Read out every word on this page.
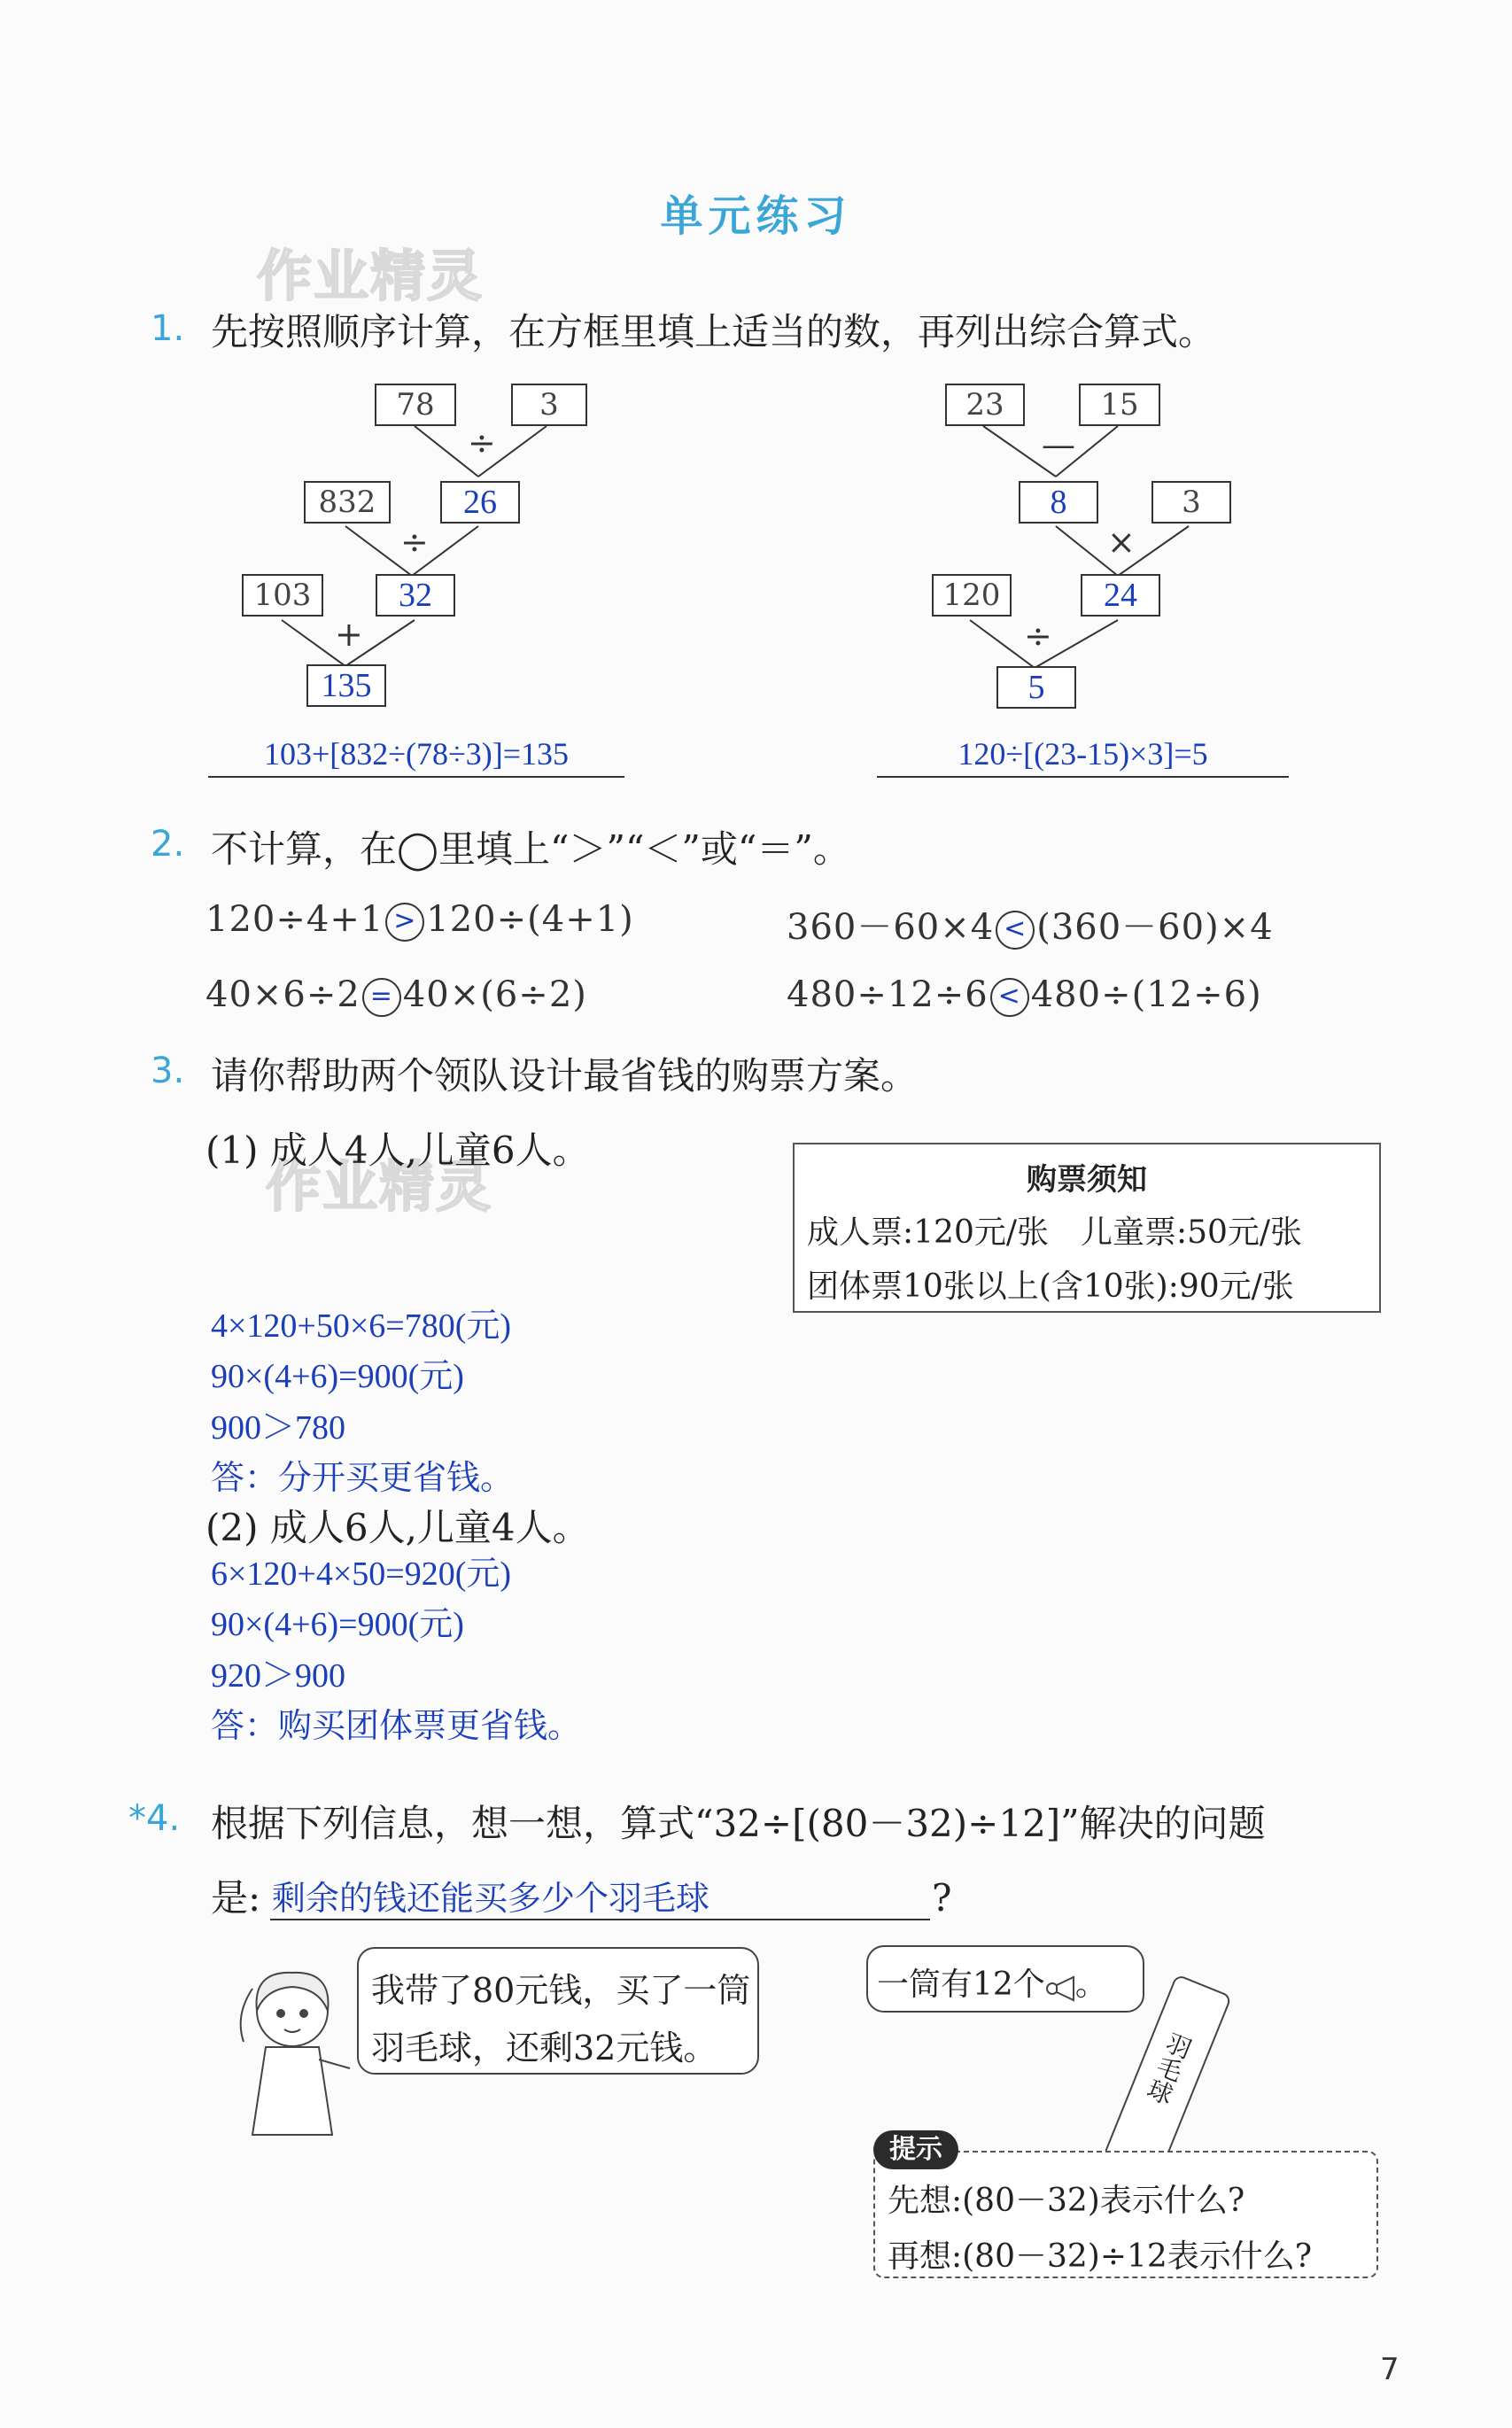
单元练习
作业精灵
作业精灵
1. 先按照顺序计算，在方框里填上适当的数，再列出综合算式。
78	3
÷
832	26
÷
103	32
+
135
103+[832÷(78÷3)]=135
23	15
—
8	3
×
120	24
÷
5
120÷[(23-15)×3]=5
2. 不计算，在◯里填上“＞”“＜”或“＝”。
120÷4+1 > 120÷(4+1)	360－60×4 < (360－60)×4
40×6÷2 = 40×(6÷2)	480÷12÷6 < 480÷(12÷6)
3. 请你帮助两个领队设计最省钱的购票方案。
(1) 成人4人,儿童6人。
购票须知
成人票:120元/张　儿童票:50元/张
团体票10张以上(含10张):90元/张
4×120+50×6=780(元)
90×(4+6)=900(元)
900＞780
答：分开买更省钱。
(2) 成人6人,儿童4人。
6×120+4×50=920(元)
90×(4+6)=900(元)
920＞900
答：购买团体票更省钱。
*4. 根据下列信息，想一想，算式“32÷[(80－32)÷12]”解决的问题
是: 剩余的钱还能买多少个羽毛球	?
我带了80元钱，买了一筒
羽毛球，还剩32元钱。
一筒有12个 。
羽毛球
先想:(80－32)表示什么?
再想:(80－32)÷12表示什么?
提示
7
